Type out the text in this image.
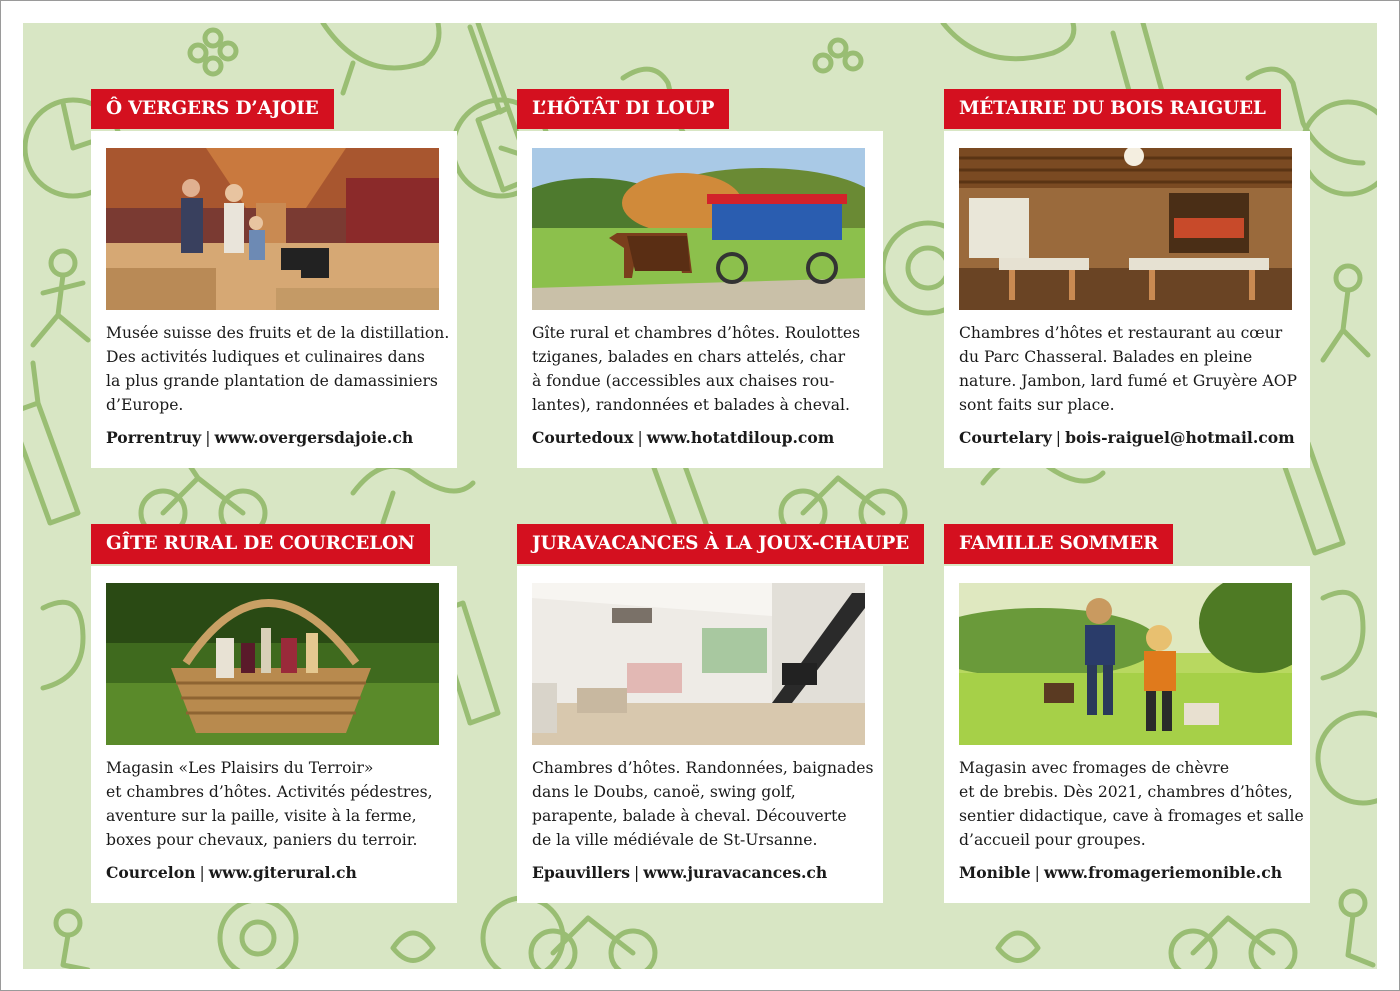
Musée suisse des fruits et de la distillation.
Des activités ludiques et culinaires dans
la plus grande plantation de damassiniers
d’Europe.

Porrentruy | www.overgersdajoie.ch
Ô VERGERS D’AJOIE

Gîte rural et chambres d’hôtes. Roulottes
tziganes, balades en chars attelés, char
à fondue (accessibles aux chaises rou-
lantes), randonnées et balades à cheval.

Courtedoux | www.hotatdiloup.com
L’HÔTÂT DI LOUP

Chambres d’hôtes et restaurant au cœur
du Parc Chasseral. Balades en pleine
nature. Jambon, lard fumé et Gruyère AOP
sont faits sur place.

Courtelary | bois-raiguel@hotmail.com
MÉTAIRIE DU BOIS RAIGUEL

Magasin «Les Plaisirs du Terroir»
et chambres d’hôtes. Activités pédestres,
aventure sur la paille, visite à la ferme,
boxes pour chevaux, paniers du terroir.

Courcelon | www.giterural.ch
GÎTE RURAL DE COURCELON

Chambres d’hôtes. Randonnées, baignades
dans le Doubs, canoë, swing golf,
parapente, balade à cheval. Découverte
de la ville médiévale de St-Ursanne.

Epauvillers | www.juravacances.ch
JURAVACANCES À LA JOUX-CHAUPE

Magasin avec fromages de chèvre
et de brebis. Dès 2021, chambres d’hôtes,
sentier didactique, cave à fromages et salle
d’accueil pour groupes.

Monible | www.fromageriemonible.ch
FAMILLE SOMMER
